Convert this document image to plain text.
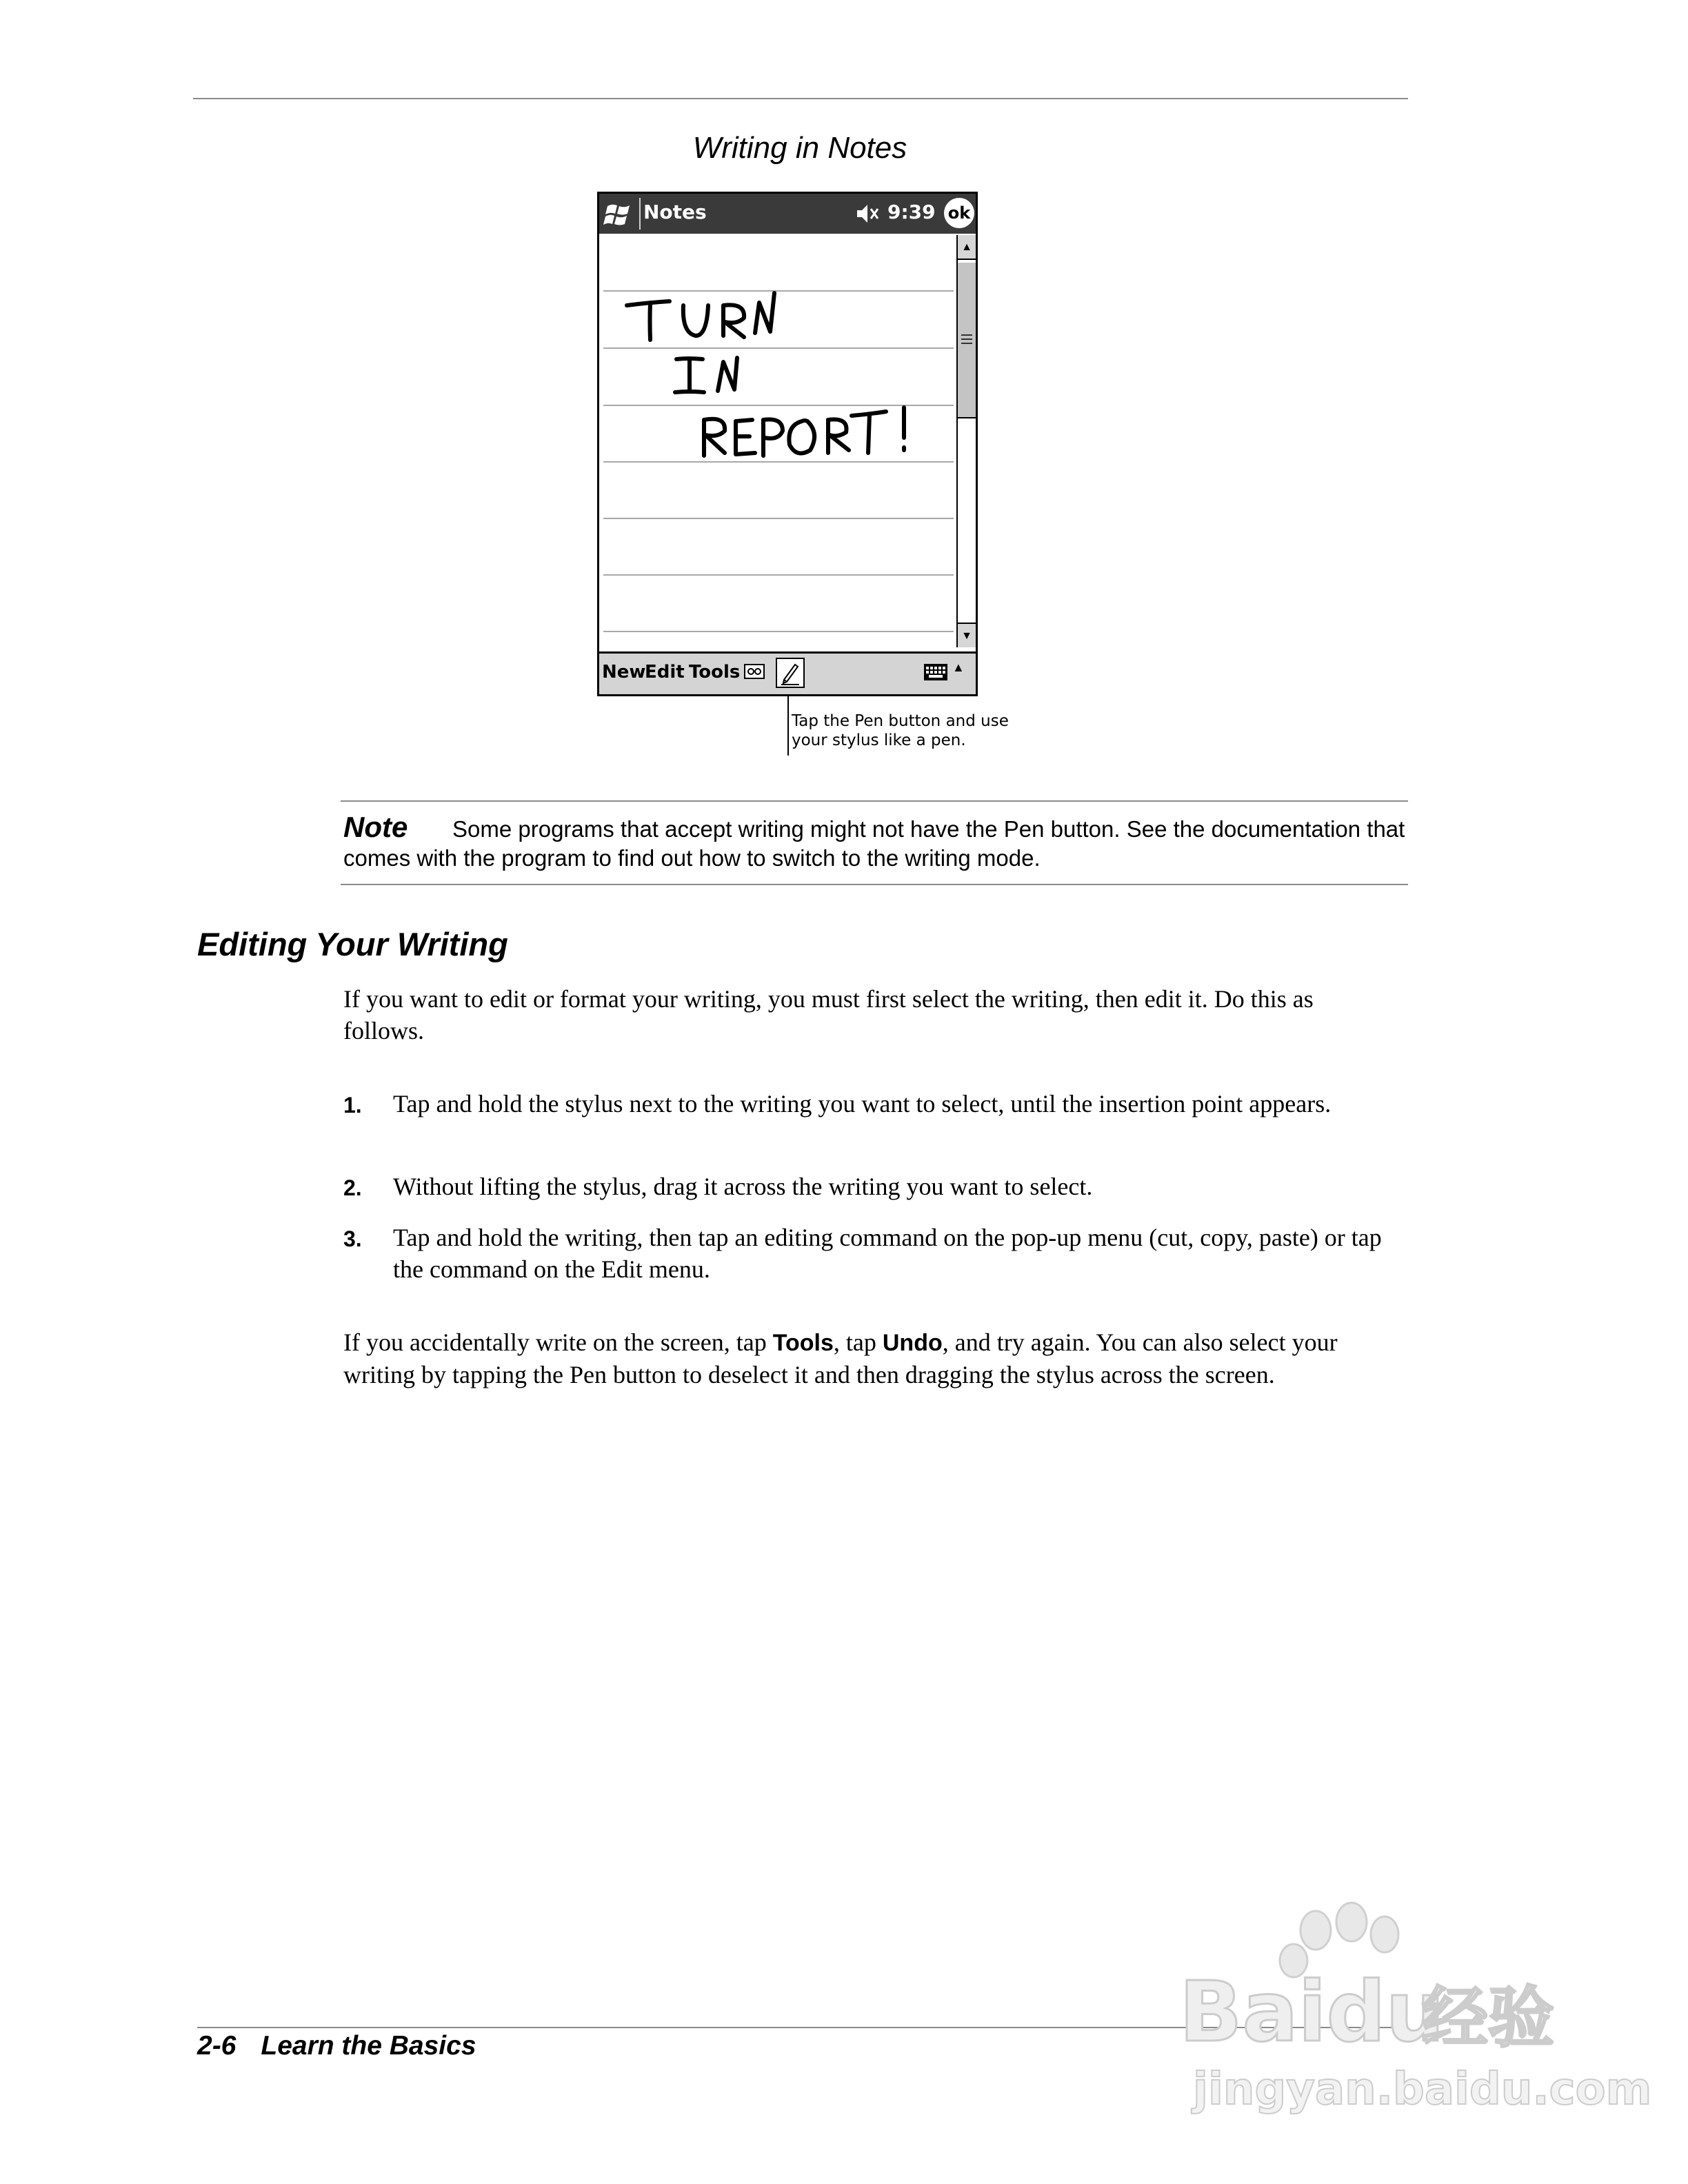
Writing in Notes
Notes	9:39 ok
▲
▼
New
Edit Tools	▲
Tap the Pen button and use
your stylus like a pen.
Some programs that accept writing might not have the Pen button. See the documentation that comes with the program to find out how to switch to the writing mode.
Note
Editing Your Writing
If you want to edit or format your writing, you must first select the writing, then edit it. Do this as follows.
1. Tap and hold the stylus next to the writing you want to select, until the insertion point appears.
2. Without lifting the stylus, drag it across the writing you want to select.
3. Tap and hold the writing, then tap an editing command on the pop-up menu (cut, copy, paste) or tap the command on the Edit menu.
If you accidentally write on the screen, tap Tools, tap Undo, and try again. You can also select your writing by tapping the Pen button to deselect it and then dragging the stylus across the screen.
2-6 Learn the Basics	Baidu
经验
jingyan.baidu.com
